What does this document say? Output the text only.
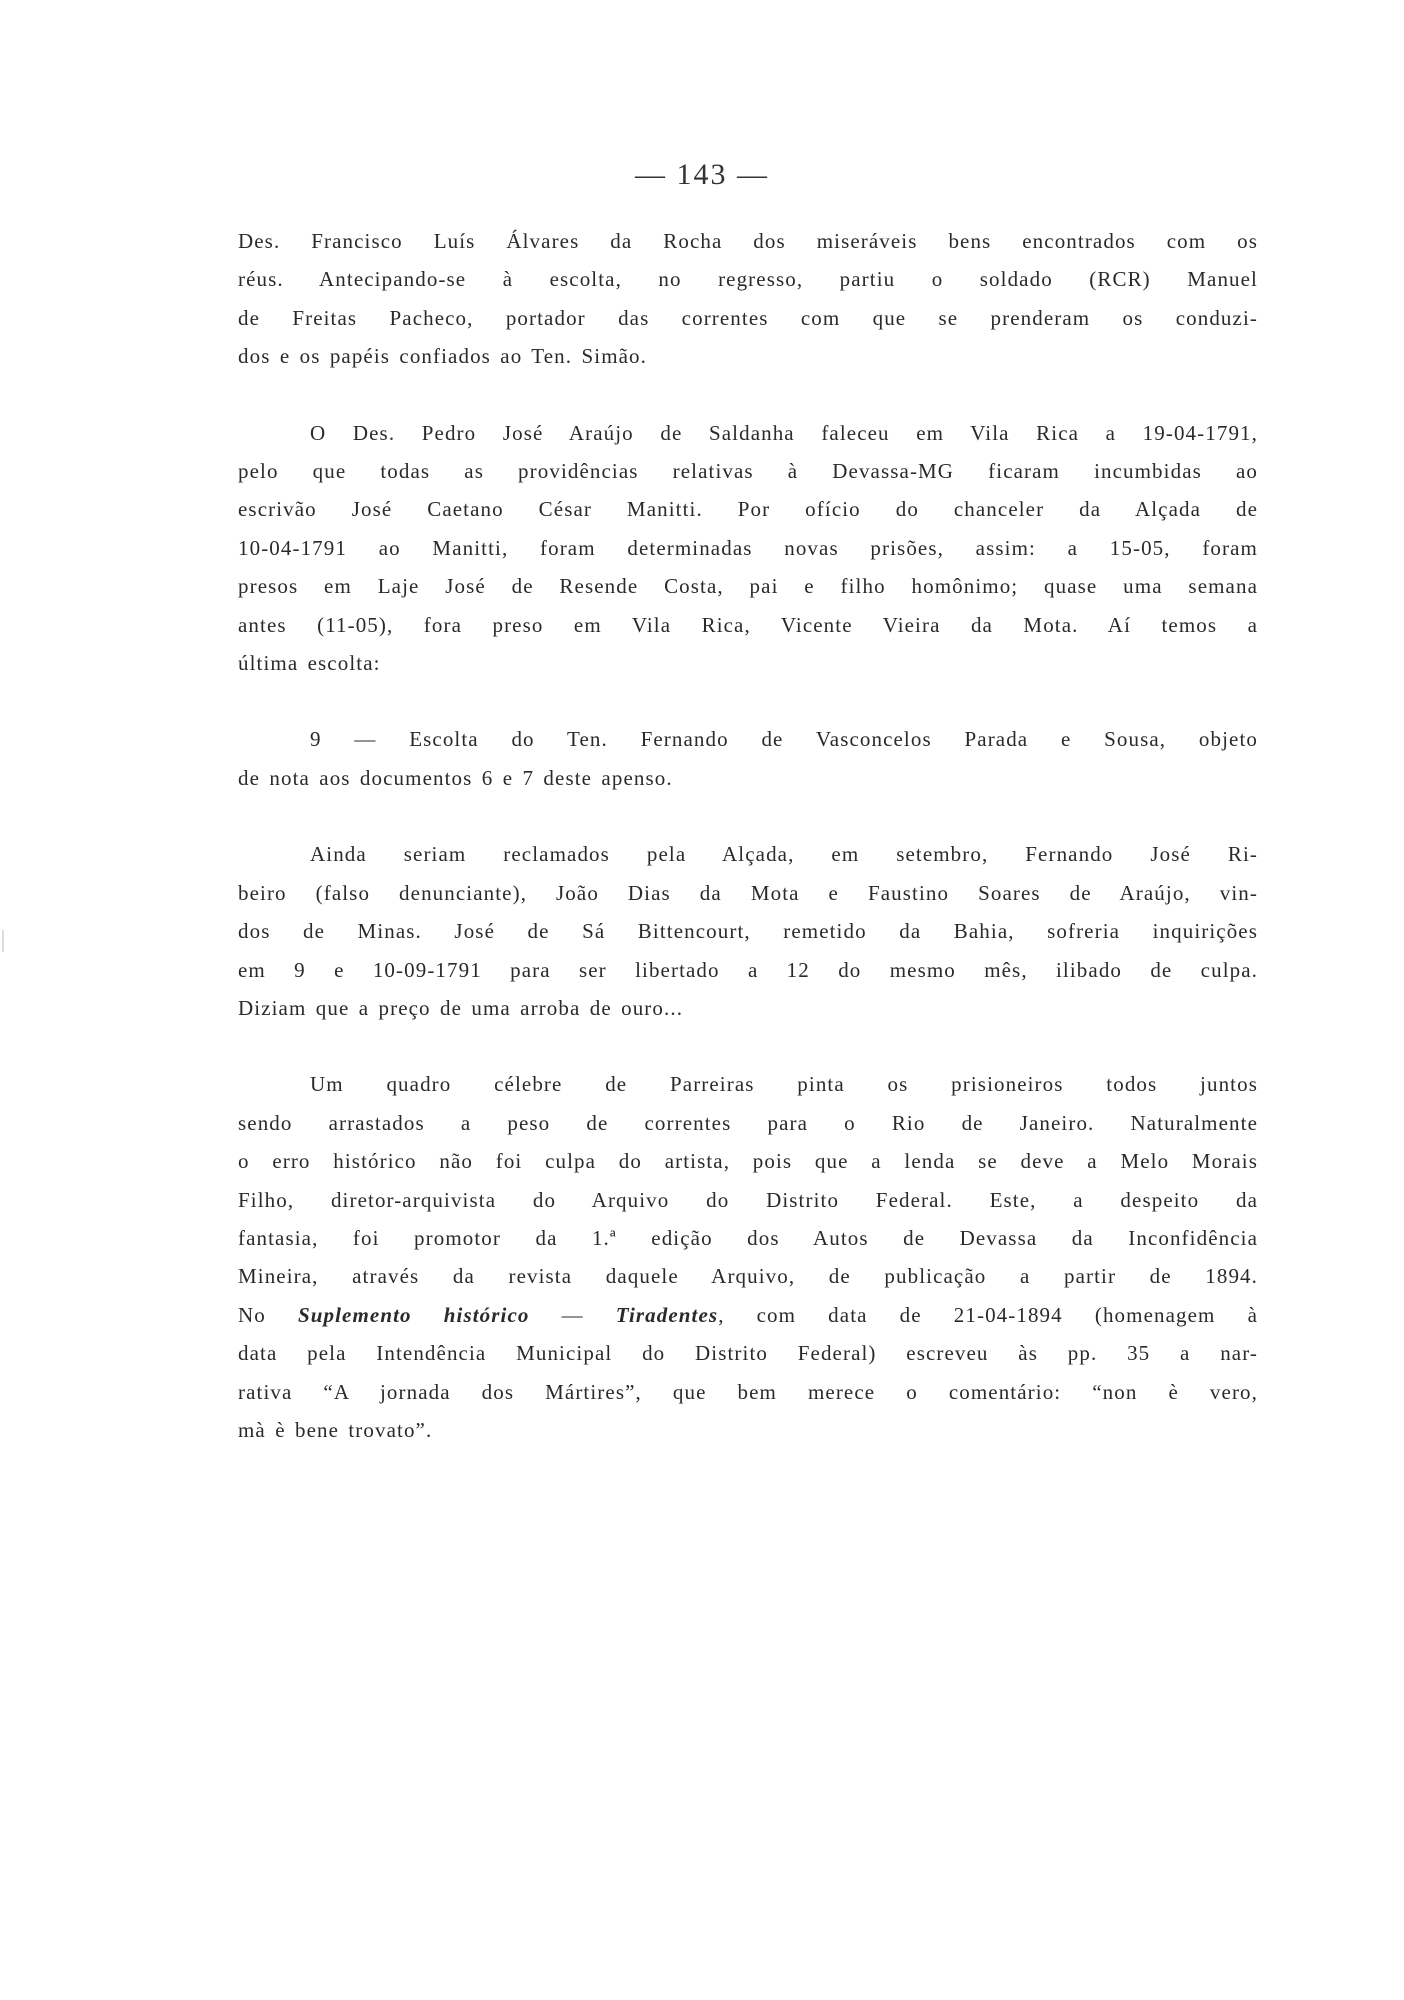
— 143 —

Des. Francisco Luís Álvares da Rocha dos miseráveis bens encontrados com os
réus. Antecipando-se à escolta, no regresso, partiu o soldado (RCR) Manuel
de Freitas Pacheco, portador das correntes com que se prenderam os conduzi-
dos e os papéis confiados ao Ten. Simão.

O Des. Pedro José Araújo de Saldanha faleceu em Vila Rica a 19-04-1791,
pelo que todas as providências relativas à Devassa-MG ficaram incumbidas ao
escrivão José Caetano César Manitti. Por ofício do chanceler da Alçada de
10-04-1791 ao Manitti, foram determinadas novas prisões, assim: a 15-05, foram
presos em Laje José de Resende Costa, pai e filho homônimo; quase uma semana
antes (11-05), fora preso em Vila Rica, Vicente Vieira da Mota. Aí temos a
última escolta:

9 — Escolta do Ten. Fernando de Vasconcelos Parada e Sousa, objeto
de nota aos documentos 6 e 7 deste apenso.

Ainda seriam reclamados pela Alçada, em setembro, Fernando José Ri-
beiro (falso denunciante), João Dias da Mota e Faustino Soares de Araújo, vin-
dos de Minas. José de Sá Bittencourt, remetido da Bahia, sofreria inquirições
em 9 e 10-09-1791 para ser libertado a 12 do mesmo mês, ilibado de culpa.
Diziam que a preço de uma arroba de ouro...

Um quadro célebre de Parreiras pinta os prisioneiros todos juntos
sendo arrastados a peso de correntes para o Rio de Janeiro. Naturalmente
o erro histórico não foi culpa do artista, pois que a lenda se deve a Melo Morais
Filho, diretor-arquivista do Arquivo do Distrito Federal. Este, a despeito da
fantasia, foi promotor da 1.ª edição dos Autos de Devassa da Inconfidência
Mineira, através da revista daquele Arquivo, de publicação a partir de 1894.
No Suplemento histórico — Tiradentes, com data de 21-04-1894 (homenagem à
data pela Intendência Municipal do Distrito Federal) escreveu às pp. 35 a nar-
rativa “A jornada dos Mártires”, que bem merece o comentário: “non è vero,
mà è bene trovato”.
